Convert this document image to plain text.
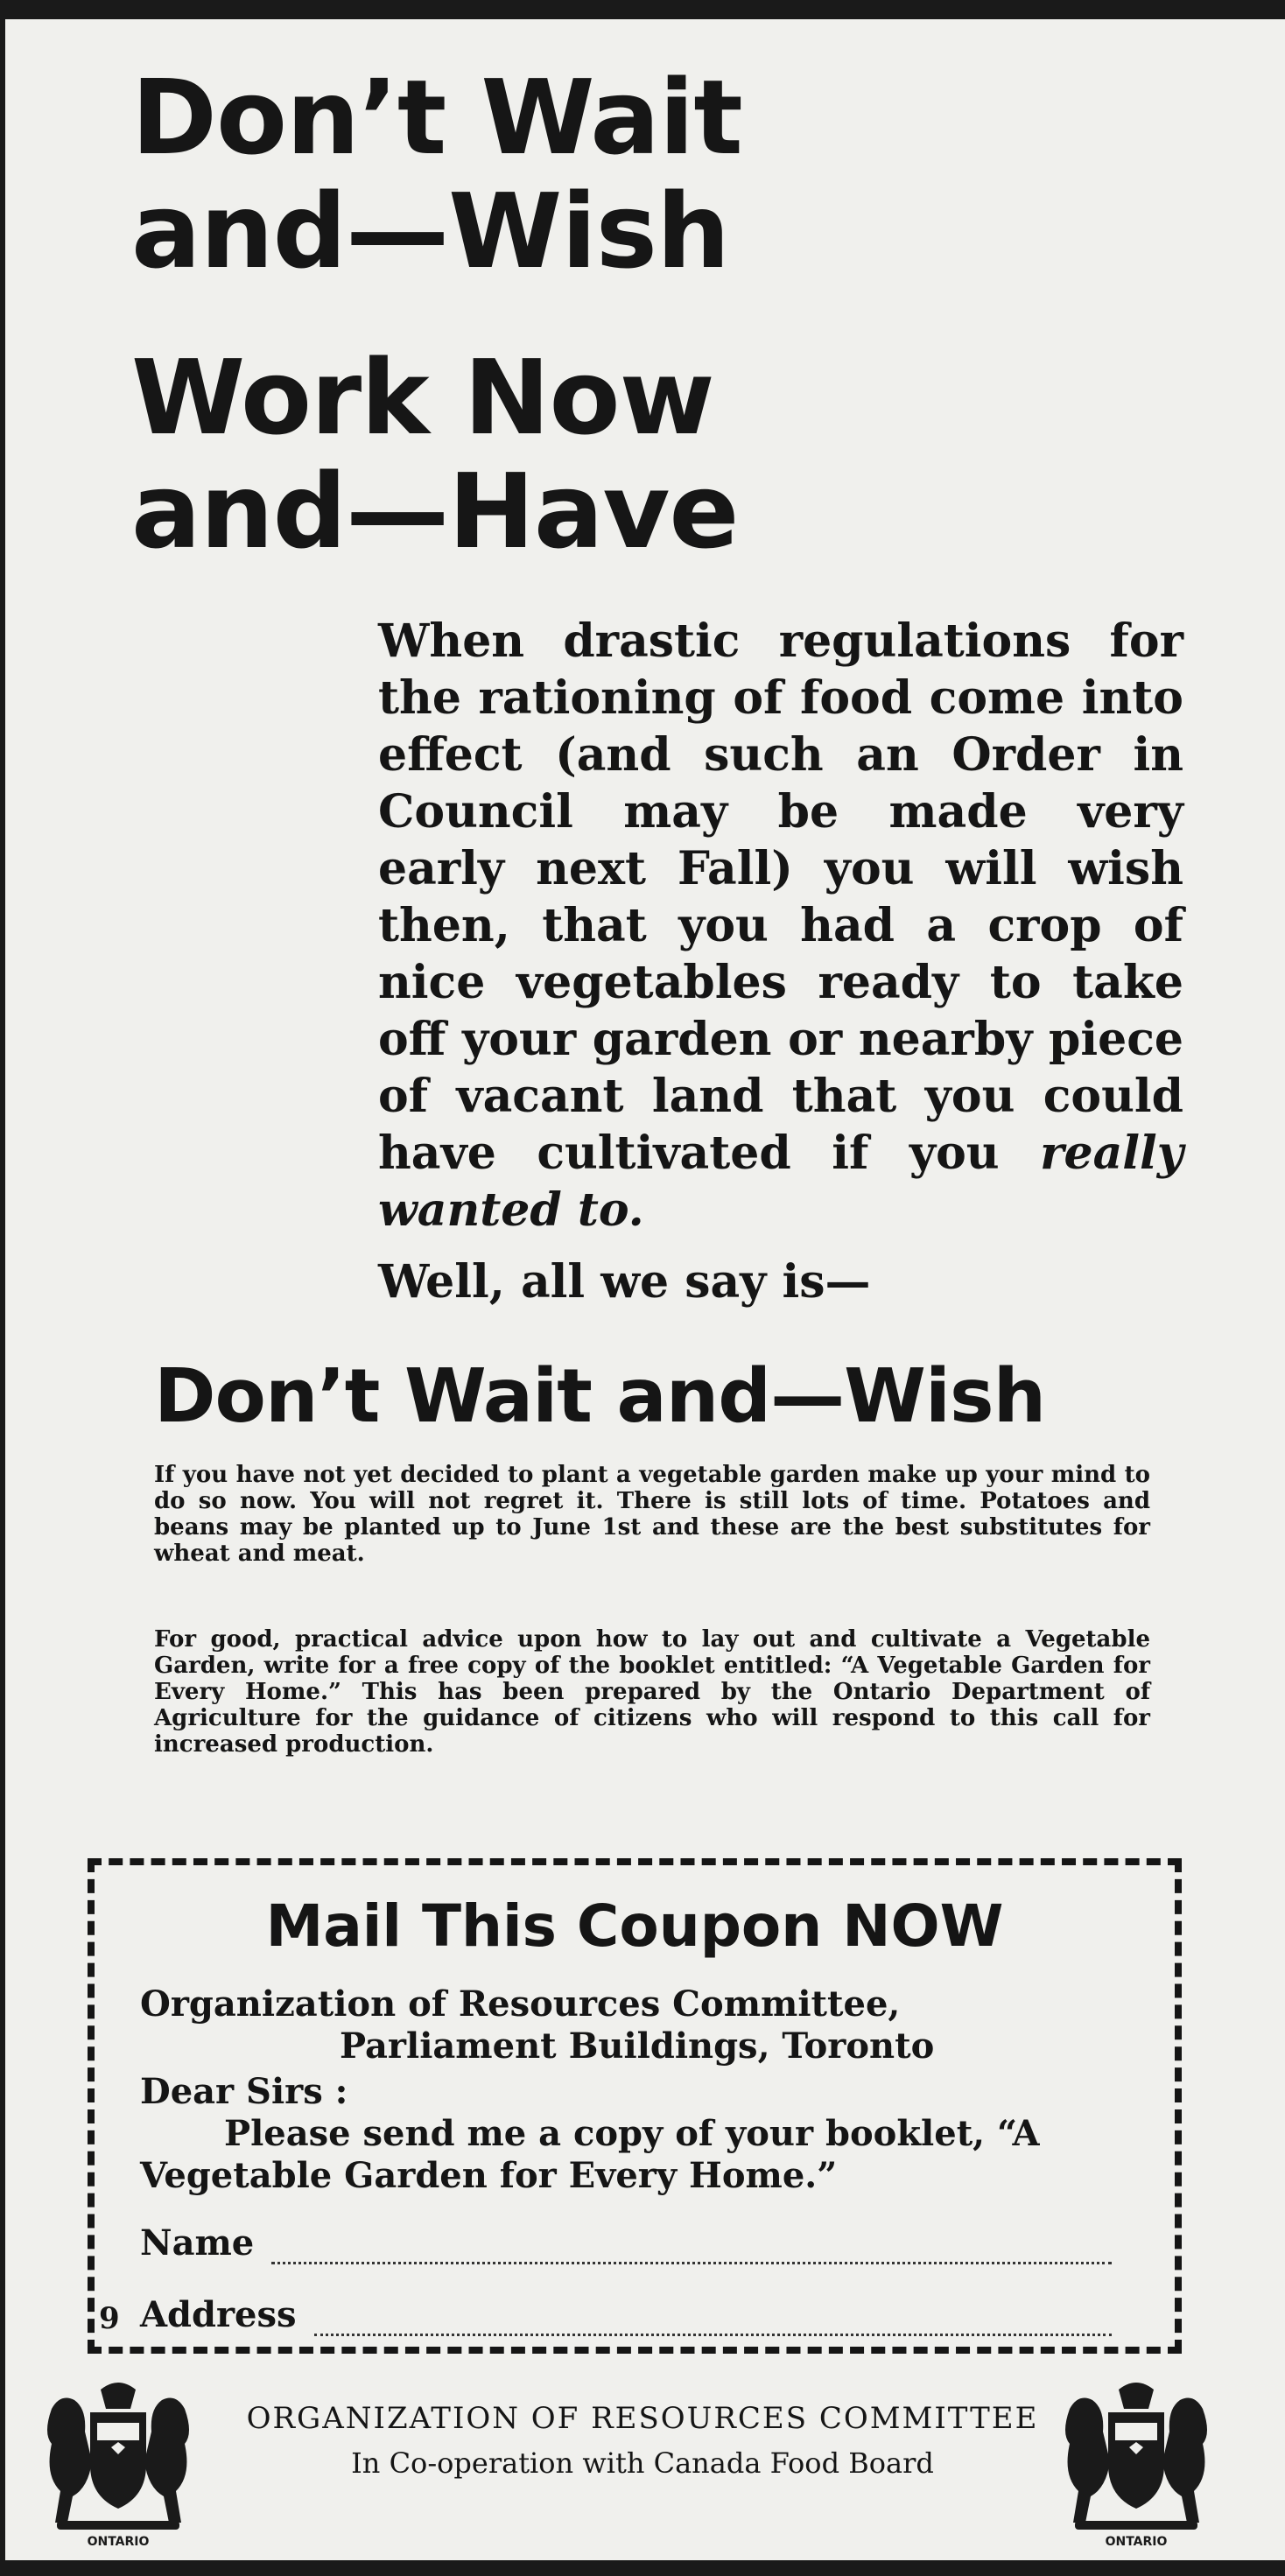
Don’t Wait
and—Wish
Work Now
and—Have

When drastic regulations for the rationing of food come into effect (and such an Order in Council may be made very early next Fall) you will wish then, that you had a crop of nice vegetables ready to take off your garden or nearby piece of vacant land that you could have cultivated if you really wanted to.

Well, all we say is—

Don’t Wait and—Wish

If you have not yet decided to plant a vegetable garden make up your mind to do so now. You will not regret it. There is still lots of time. Potatoes and beans may be planted up to June 1st and these are the best substitutes for wheat and meat.

For good, practical advice upon how to lay out and cultivate a Vegetable Garden, write for a free copy of the booklet entitled: “A Vegetable Garden for Every Home.” This has been prepared by the Ontario Department of Agriculture for the guidance of citizens who will respond to this call for increased production.

Mail This Coupon NOW

Organization of Resources Committee,

Parliament Buildings, Toronto

Dear Sirs :

Please send me a copy of your booklet, “A Vegetable Garden for Every Home.”

Name
Address
9
ONTARIO

ORGANIZATION OF RESOURCES COMMITTEE

In Co-operation with Canada Food Board

ONTARIO
